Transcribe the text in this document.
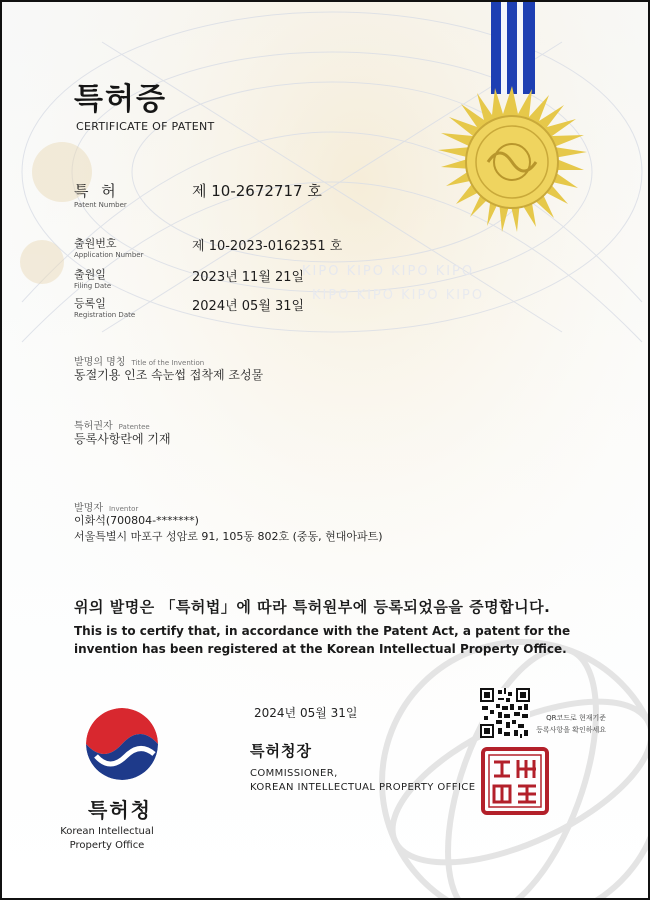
KIPO KIPO KIPO KIPO
KIPO KIPO KIPO KIPO
특허증
CERTIFICATE OF PATENT
특 허
Patent Number
제 10-2672717 호
출원번호
Application Number
제 10-2023-0162351 호
출원일
Filing Date
2023년 11월 21일
등록일
Registration Date
2024년 05월 31일
발명의 명칭 Title of the Invention
동절기용 인조 속눈썹 접착제 조성물
특허권자 Patentee
등록사항란에 기재
발명자 Inventor
이화석(700804-*******)
서울특별시 마포구 성암로 91, 105동 802호 (중동, 현대아파트)
위의 발명은 「특허법」에 따라 특허원부에 등록되었음을 증명합니다.
This is to certify that, in accordance with the Patent Act, a patent for the
invention has been registered at the Korean Intellectual Property Office.
2024년 05월 31일
특허청장
COMMISSIONER,
KOREAN INTELLECTUAL PROPERTY OFFICE
QR코드로 현재기준
등록사항을 확인하세요
특허청
Korean Intellectual
Property Office
